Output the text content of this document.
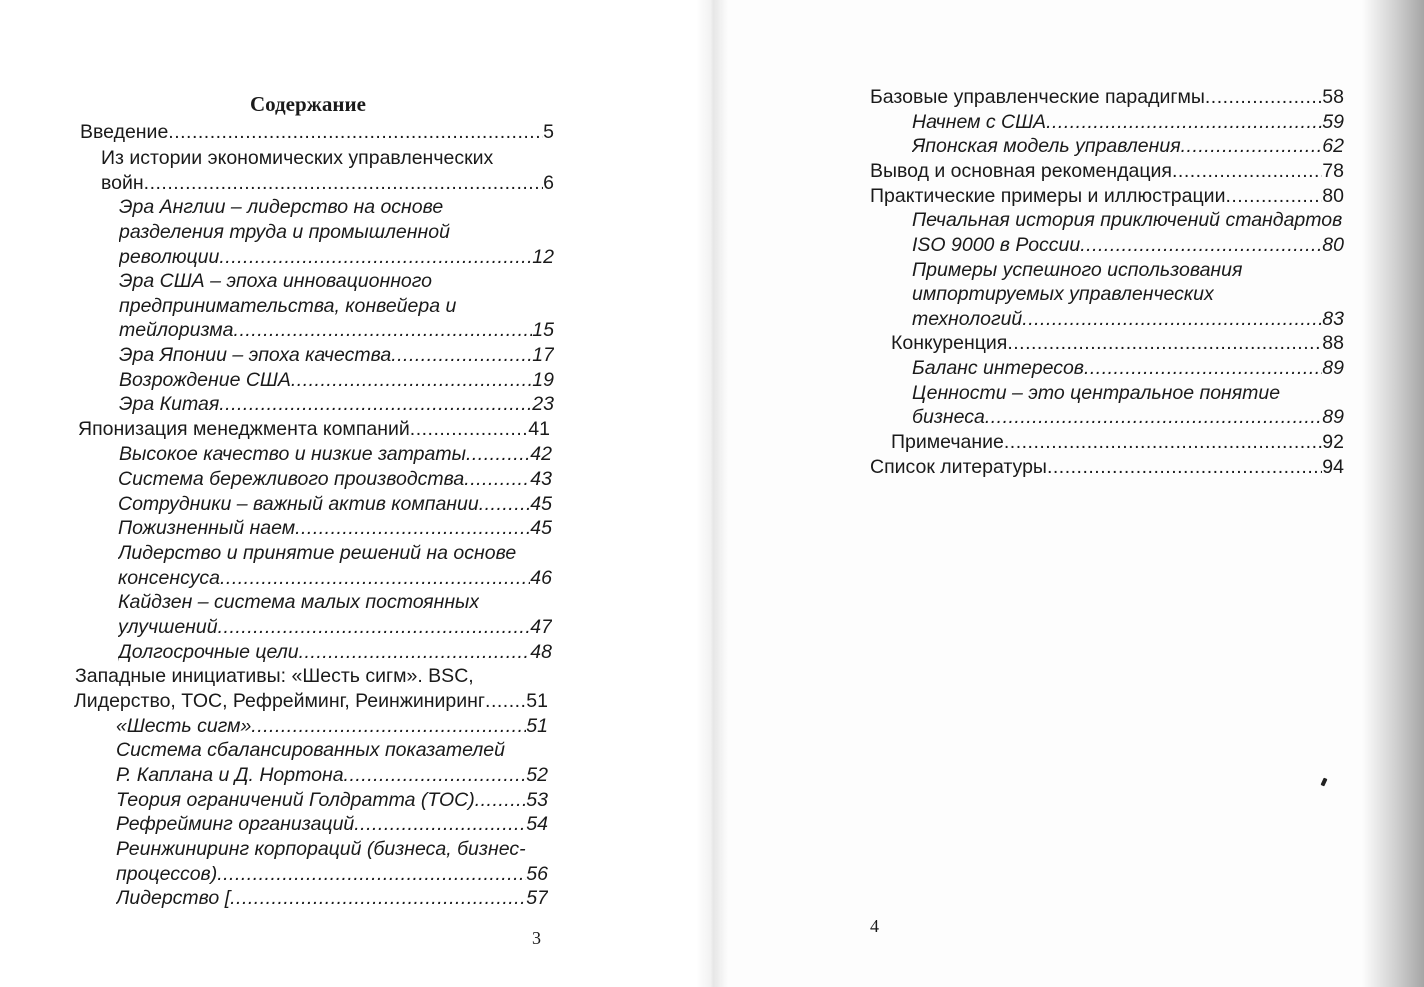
Содержание
Введение .....	5
Из истории экономических управленческих
войн .....	6
Эра Англии – лидерство на основе
разделения труда и промышленной
революции .....	12
Эра США – эпоха инновационного
предпринимательства, конвейера и
тейлоризма .....	15
Эра Японии – эпоха качества .....	17
Возрождение США .....	19
Эра Китая .....	23
Японизация менеджмента компаний .....	41
Высокое качество и низкие затраты .....	42
Система бережливого производства .....	43
Сотрудники – важный актив компании .....	45
Пожизненный наем .....	45
Лидерство и принятие решений на основе
консенсуса .....	46
Кайдзен – система малых постоянных
улучшений .....	47
Долгосрочные цели .....	48
Западные инициативы: «Шесть сигм». BSC,
Лидерство, TOC, Рефрейминг, Реинжиниринг ..... 51
«Шесть сигм» .....	51
Система сбалансированных показателей
Р. Каплана и Д. Нортона .....	52
Теория ограничений Голдратта (TOC) .....	53
Рефрейминг организаций .....	54
Реинжиниринг корпораций (бизнеса, бизнес-
процессов) .....	56
Лидерство [ .....	57
3
Базовые управленческие парадигмы .....	58
Начнем с США .....	59
Японская модель управления .....	62
Вывод и основная рекомендация .....	78
Практические примеры и иллюстрации .....	80
Печальная история приключений стандартов
ISO 9000 в России .....	80
Примеры успешного использования
импортируемых управленческих
технологий .....	83
Конкуренция .....	88
Баланс интересов .....	89
Ценности – это центральное понятие
бизнеса .....	89
Примечание .....	92
Список литературы .....	94
4
